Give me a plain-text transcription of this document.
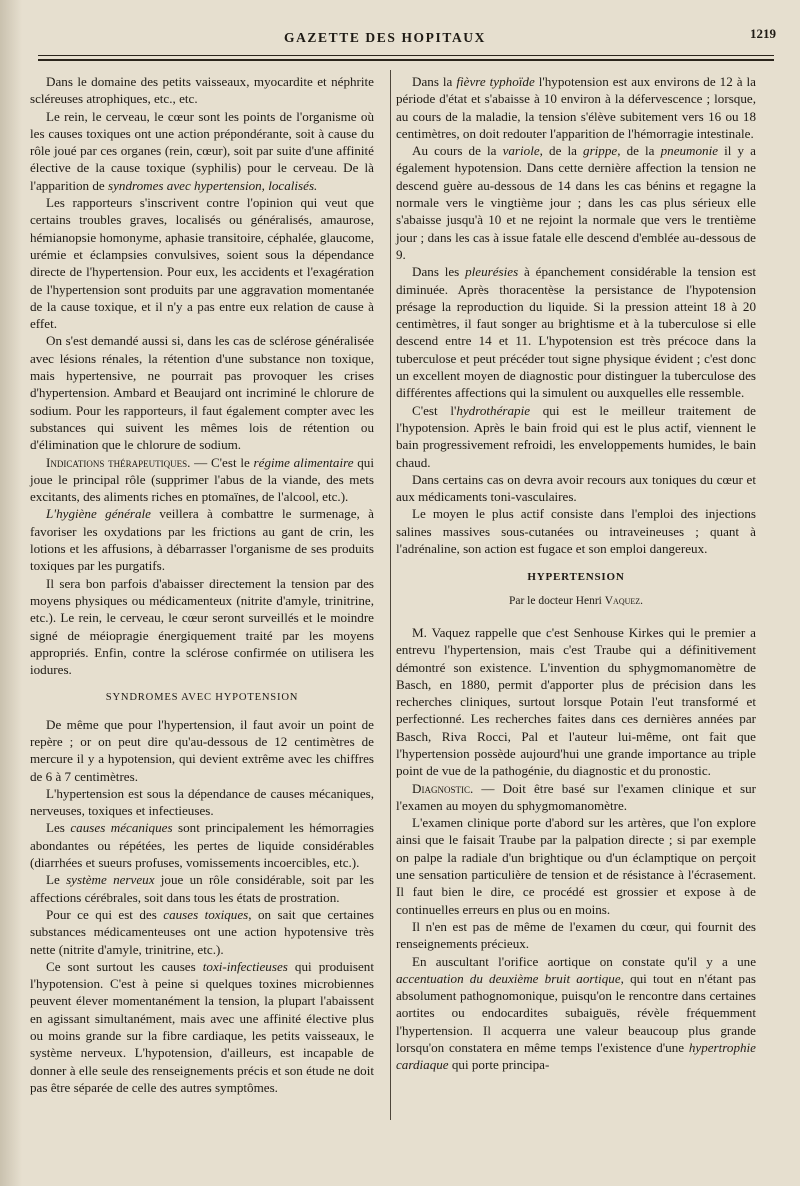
GAZETTE DES HOPITAUX	1219

Dans le domaine des petits vaisseaux, myocardite et néphrite scléreuses atrophiques, etc., etc.

Le rein, le cerveau, le cœur sont les points de l'organisme où les causes toxiques ont une action prépondérante, soit à cause du rôle joué par ces organes (rein, cœur), soit par suite d'une affinité élective de la cause toxique (syphilis) pour le cerveau. De là l'apparition de syndromes avec hypertension, localisés.

Les rapporteurs s'inscrivent contre l'opinion qui veut que certains troubles graves, localisés ou généralisés, amaurose, hémianopsie homonyme, aphasie transitoire, céphalée, glaucome, urémie et éclampsies convulsives, soient sous la dépendance directe de l'hypertension. Pour eux, les accidents et l'exagération de l'hypertension sont produits par une aggravation momentanée de la cause toxique, et il n'y a pas entre eux relation de cause à effet.

On s'est demandé aussi si, dans les cas de sclérose généralisée avec lésions rénales, la rétention d'une substance non toxique, mais hypertensive, ne pourrait pas provoquer les crises d'hypertension. Ambard et Beaujard ont incriminé le chlorure de sodium. Pour les rapporteurs, il faut également compter avec les substances qui suivent les mêmes lois de rétention ou d'élimination que le chlorure de sodium.

Indications thérapeutiques. — C'est le régime alimentaire qui joue le principal rôle (supprimer l'abus de la viande, des mets excitants, des aliments riches en ptomaïnes, de l'alcool, etc.).

L'hygiène générale veillera à combattre le surmenage, à favoriser les oxydations par les frictions au gant de crin, les lotions et les affusions, à débarrasser l'organisme de ses produits toxiques par les purgatifs.

Il sera bon parfois d'abaisser directement la tension par des moyens physiques ou médicamenteux (nitrite d'amyle, trinitrine, etc.). Le rein, le cerveau, le cœur seront surveillés et le moindre signé de méiopragie énergiquement traité par les moyens appropriés. Enfin, contre la sclérose confirmée on utilisera les iodures.

SYNDROMES AVEC HYPOTENSION

De même que pour l'hypertension, il faut avoir un point de repère ; or on peut dire qu'au-dessous de 12 centimètres de mercure il y a hypotension, qui devient extrême avec les chiffres de 6 à 7 centimètres.

L'hypertension est sous la dépendance de causes mécaniques, nerveuses, toxiques et infectieuses.

Les causes mécaniques sont principalement les hémorragies abondantes ou répétées, les pertes de liquide considérables (diarrhées et sueurs profuses, vomissements incoercibles, etc.).

Le système nerveux joue un rôle considérable, soit par les affections cérébrales, soit dans tous les états de prostration.

Pour ce qui est des causes toxiques, on sait que certaines substances médicamenteuses ont une action hypotensive très nette (nitrite d'amyle, trinitrine, etc.).

Ce sont surtout les causes toxi-infectieuses qui produisent l'hypotension. C'est à peine si quelques toxines microbiennes peuvent élever momentanément la tension, la plupart l'abaissent en agissant simultanément, mais avec une affinité élective plus ou moins grande sur la fibre cardiaque, les petits vaisseaux, le système nerveux. L'hypotension, d'ailleurs, est incapable de donner à elle seule des renseignements précis et son étude ne doit pas être séparée de celle des autres symptômes.

Dans la fièvre typhoïde l'hypotension est aux environs de 12 à la période d'état et s'abaisse à 10 environ à la défervescence ; lorsque, au cours de la maladie, la tension s'élève subitement vers 16 ou 18 centimètres, on doit redouter l'apparition de l'hémorragie intestinale.

Au cours de la variole, de la grippe, de la pneumonie il y a également hypotension. Dans cette dernière affection la tension ne descend guère au-dessous de 14 dans les cas bénins et regagne la normale vers le vingtième jour ; dans les cas plus sérieux elle s'abaisse jusqu'à 10 et ne rejoint la normale que vers le trentième jour ; dans les cas à issue fatale elle descend d'emblée au-dessous de 9.

Dans les pleurésies à épanchement considérable la tension est diminuée. Après thoracentèse la persistance de l'hypotension présage la reproduction du liquide. Si la pression atteint 18 à 20 centimètres, il faut songer au brightisme et à la tuberculose si elle descend entre 14 et 11. L'hypotension est très précoce dans la tuberculose et peut précéder tout signe physique évident ; c'est donc un excellent moyen de diagnostic pour distinguer la tuberculose des différentes affections qui la simulent ou auxquelles elle ressemble.

C'est l'hydrothérapie qui est le meilleur traitement de l'hypotension. Après le bain froid qui est le plus actif, viennent le bain progressivement refroidi, les enveloppements humides, le bain chaud.

Dans certains cas on devra avoir recours aux toniques du cœur et aux médicaments toni-vasculaires.

Le moyen le plus actif consiste dans l'emploi des injections salines massives sous-cutanées ou intraveineuses ; quant à l'adrénaline, son action est fugace et son emploi dangereux.

HYPERTENSION
Par le docteur Henri Vaquez.

M. Vaquez rappelle que c'est Senhouse Kirkes qui le premier a entrevu l'hypertension, mais c'est Traube qui a définitivement démontré son existence. L'invention du sphygmomanomètre de Basch, en 1880, permit d'apporter plus de précision dans les recherches cliniques, surtout lorsque Potain l'eut transformé et perfectionné. Les recherches faites dans ces dernières années par Basch, Riva Rocci, Pal et l'auteur lui-même, ont fait que l'hypertension possède aujourd'hui une grande importance au triple point de vue de la pathogénie, du diagnostic et du pronostic.

Diagnostic. — Doit être basé sur l'examen clinique et sur l'examen au moyen du sphygmomanomètre.

L'examen clinique porte d'abord sur les artères, que l'on explore ainsi que le faisait Traube par la palpation directe ; si par exemple on palpe la radiale d'un brightique ou d'un éclamptique on perçoit une sensation particulière de tension et de résistance à l'écrasement. Il faut bien le dire, ce procédé est grossier et expose à de continuelles erreurs en plus ou en moins.

Il n'en est pas de même de l'examen du cœur, qui fournit des renseignements précieux.

En auscultant l'orifice aortique on constate qu'il y a une accentuation du deuxième bruit aortique, qui tout en n'étant pas absolument pathognomonique, puisqu'on le rencontre dans certaines aortites ou endocardites subaiguës, révèle fréquemment l'hypertension. Il acquerra une valeur beaucoup plus grande lorsqu'on constatera en même temps l'existence d'une hypertrophie cardiaque qui porte principa-
